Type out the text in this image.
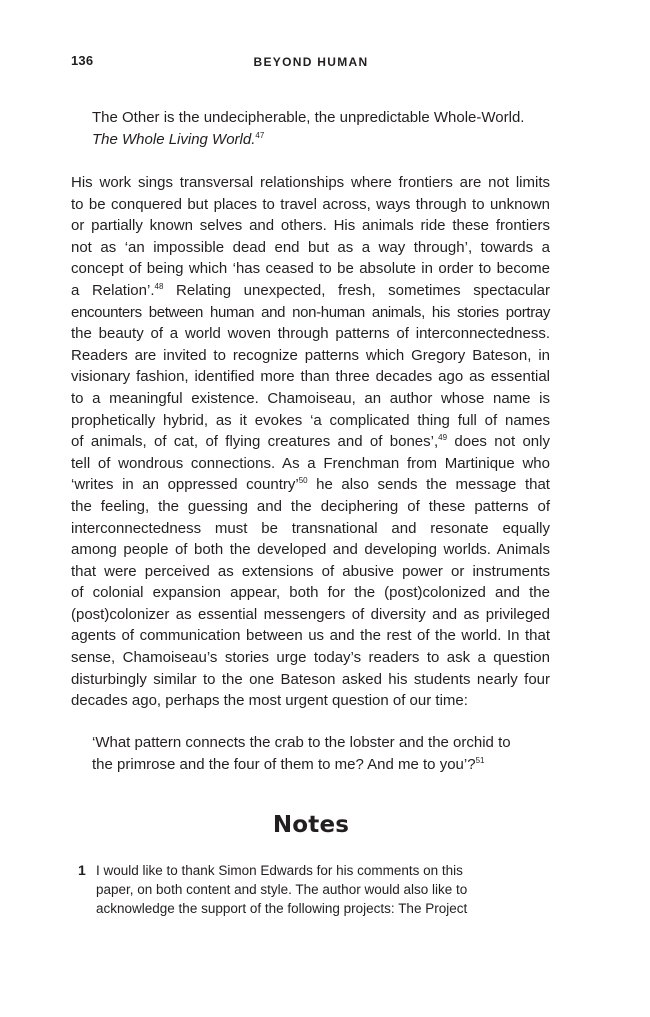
136	BEYOND HUMAN
The Other is the undecipherable, the unpredictable Whole-World.
The Whole Living World.$^{47}$
His work sings transversal relationships where frontiers are not limits
to be conquered but places to travel across, ways through to unknown
or partially known selves and others. His animals ride these frontiers
not as ‘an impossible dead end but as a way through’, towards a
concept of being which ‘has ceased to be absolute in order to become
a Relation’.$^{48}$ Relating unexpected, fresh, sometimes spectacular
encounters between human and non-human animals, his stories portray
the beauty of a world woven through patterns of interconnectedness.
Readers are invited to recognize patterns which Gregory Bateson, in
visionary fashion, identified more than three decades ago as essential
to a meaningful existence. Chamoiseau, an author whose name is
prophetically hybrid, as it evokes ‘a complicated thing full of names
of animals, of cat, of flying creatures and of bones’,$^{49}$ does not only
tell of wondrous connections. As a Frenchman from Martinique who
‘writes in an oppressed country’$^{50}$ he also sends the message that
the feeling, the guessing and the deciphering of these patterns of
interconnectedness must be transnational and resonate equally
among people of both the developed and developing worlds. Animals
that were perceived as extensions of abusive power or instruments
of colonial expansion appear, both for the (post)colonized and the
(post)colonizer as essential messengers of diversity and as privileged
agents of communication between us and the rest of the world. In that
sense, Chamoiseau’s stories urge today’s readers to ask a question
disturbingly similar to the one Bateson asked his students nearly four
decades ago, perhaps the most urgent question of our time:
‘What pattern connects the crab to the lobster and the orchid to
the primrose and the four of them to me? And me to you’?$^{51}$
Notes
1 I would like to thank Simon Edwards for his comments on this
paper, on both content and style. The author would also like to
acknowledge the support of the following projects: The Project
